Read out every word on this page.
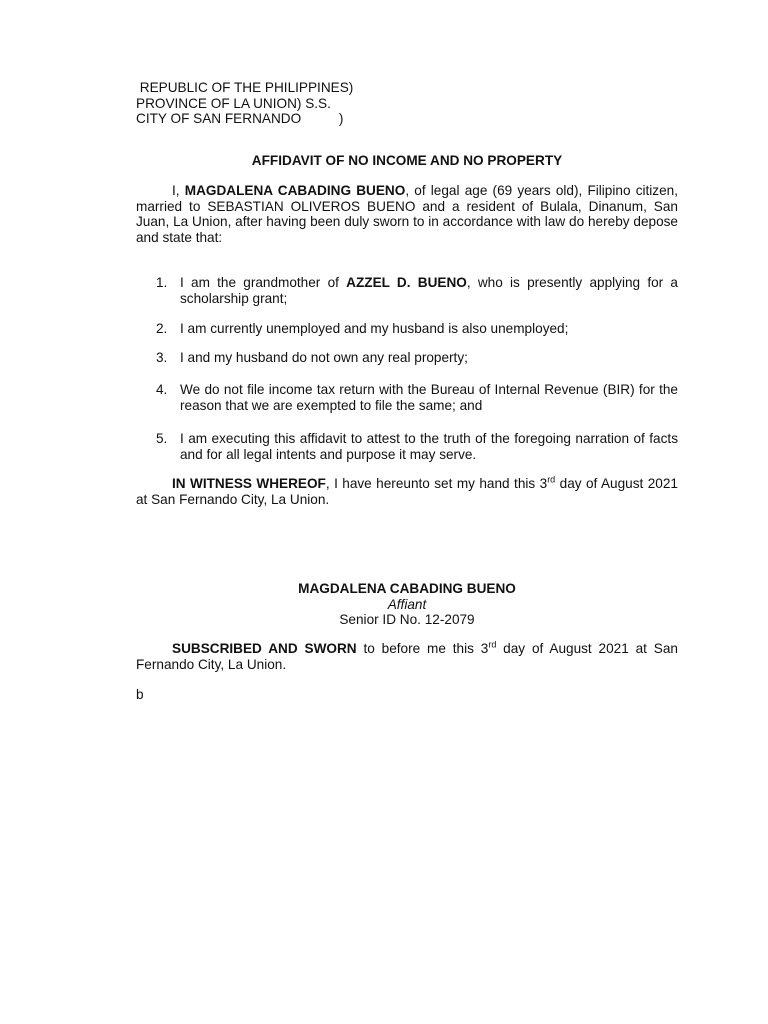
REPUBLIC OF THE PHILIPPINES)
PROVINCE OF LA UNION) S.S.
CITY OF SAN FERNANDO          )
AFFIDAVIT OF NO INCOME AND NO PROPERTY
I, MAGDALENA CABADING BUENO, of legal age (69 years old), Filipino citizen, married to SEBASTIAN OLIVEROS BUENO and a resident of Bulala, Dinanum, San Juan, La Union, after having been duly sworn to in accordance with law do hereby depose and state that:
1. I am the grandmother of AZZEL D. BUENO, who is presently applying for a scholarship grant;
2. I am currently unemployed and my husband is also unemployed;
3. I and my husband do not own any real property;
4. We do not file income tax return with the Bureau of Internal Revenue (BIR) for the reason that we are exempted to file the same; and
5. I am executing this affidavit to attest to the truth of the foregoing narration of facts and for all legal intents and purpose it may serve.
IN WITNESS WHEREOF, I have hereunto set my hand this 3rd day of August 2021 at San Fernando City, La Union.
MAGDALENA CABADING BUENO
Affiant
Senior ID No. 12-2079
SUBSCRIBED AND SWORN to before me this 3rd day of August 2021 at San Fernando City, La Union.
b
